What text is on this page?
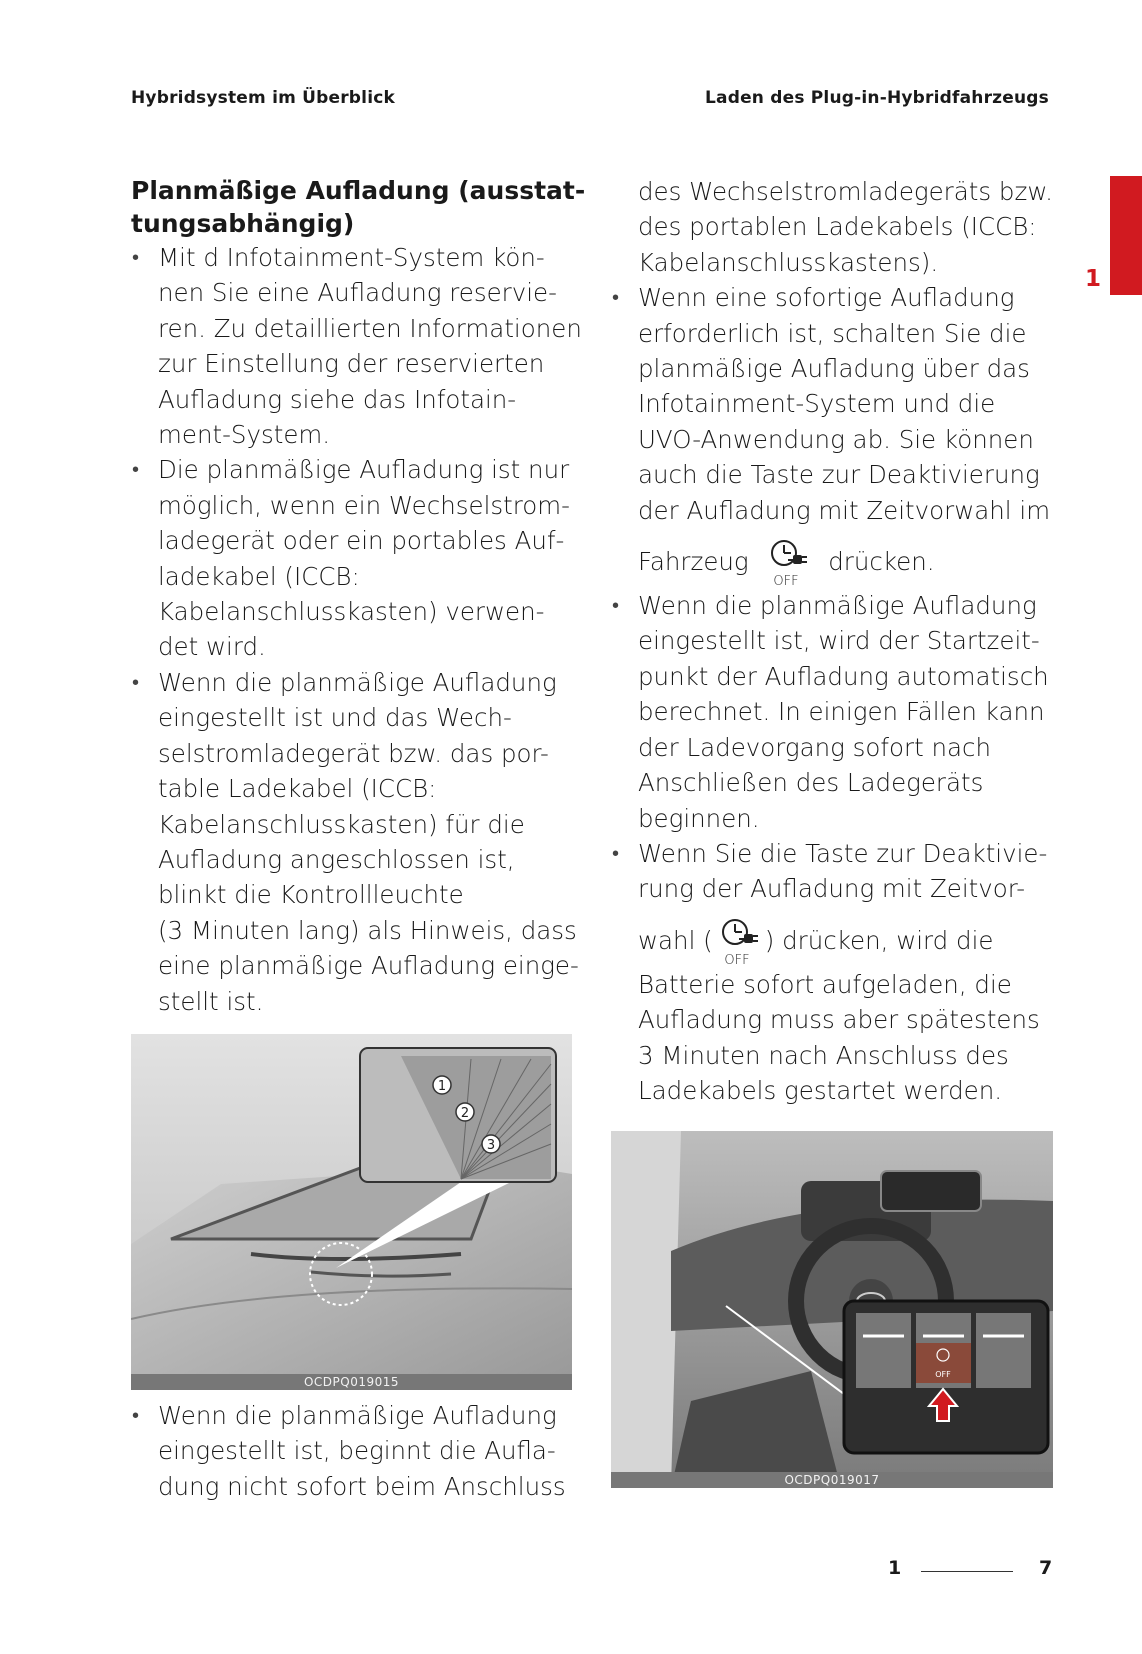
Hybridsystem im Überblick	Laden des Plug-in-Hybridfahrzeugs
1
Planmäßige Aufladung (ausstat-
tungsabhängig)
• Mit d Infotainment-System kön-
nen Sie eine Aufladung reservie-
ren. Zu detaillierten Informationen
zur Einstellung der reservierten
Aufladung siehe das Infotain-
ment-System.
• Die planmäßige Aufladung ist nur
möglich, wenn ein Wechselstrom-
ladegerät oder ein portables Auf-
ladekabel (ICCB:
Kabelanschlusskasten) verwen-
det wird.
• Wenn die planmäßige Aufladung
eingestellt ist und das Wech-
selstromladegerät bzw. das por-
table Ladekabel (ICCB:
Kabelanschlusskasten) für die
Aufladung angeschlossen ist,
blinkt die Kontrollleuchte
(3 Minuten lang) als Hinweis, dass
eine planmäßige Aufladung einge-
stellt ist.
1
2
3
OCDPQ019015
• Wenn die planmäßige Aufladung
eingestellt ist, beginnt die Aufla-
dung nicht sofort beim Anschluss
des Wechselstromladegeräts bzw.
des portablen Ladekabels (ICCB:
Kabelanschlusskastens).
• Wenn eine sofortige Aufladung
erforderlich ist, schalten Sie die
planmäßige Aufladung über das
Infotainment-System und die
UVO-Anwendung ab. Sie können
auch die Taste zur Deaktivierung
der Aufladung mit Zeitvorwahl im
Fahrzeug
OFF
drücken.
• Wenn die planmäßige Aufladung
eingestellt ist, wird der Startzeit-
punkt der Aufladung automatisch
berechnet. In einigen Fällen kann
der Ladevorgang sofort nach
Anschließen des Ladegeräts
beginnen.
• Wenn Sie die Taste zur Deaktivie-
rung der Aufladung mit Zeitvor-
wahl (
OFF
) drücken, wird die
Batterie sofort aufgeladen, die
Aufladung muss aber spätestens
3 Minuten nach Anschluss des
Ladekabels gestartet werden.
OFF
OCDPQ019017
1	7
